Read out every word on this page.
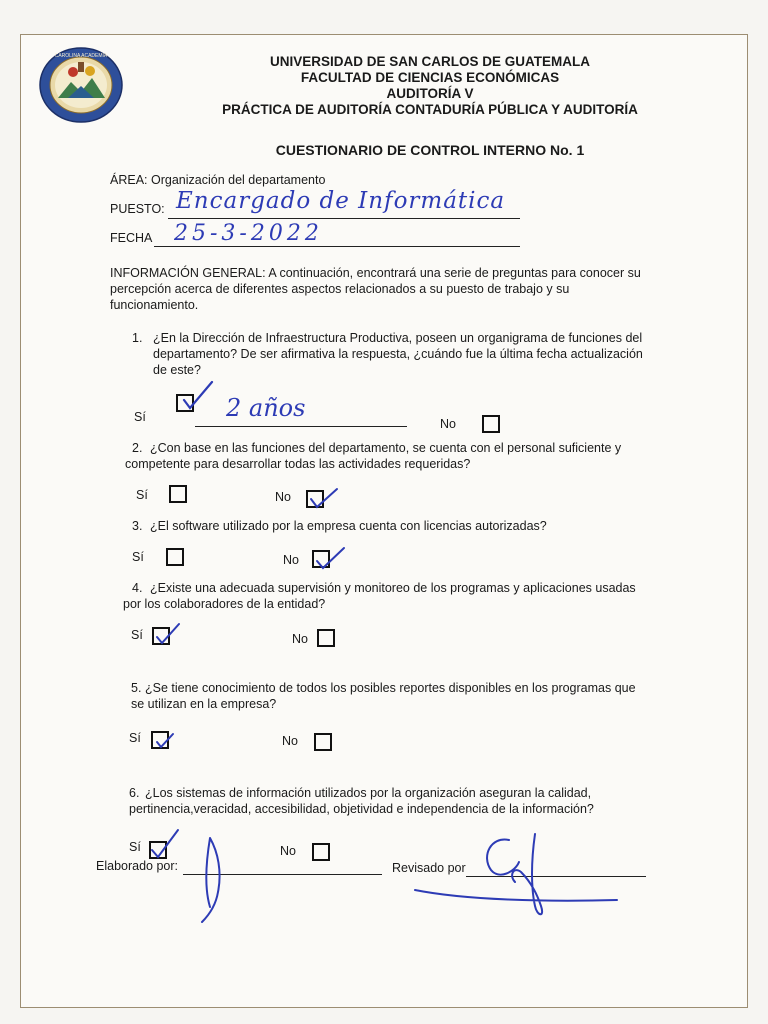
CAROLINA ACADEMIA	UNIVERSIDAD DE SAN CARLOS DE GUATEMALA
FACULTAD DE CIENCIAS ECONÓMICAS
AUDITORÍA V
PRÁCTICA DE AUDITORÍA CONTADURÍA PÚBLICA Y AUDITORÍA
CUESTIONARIO DE CONTROL INTERNO No. 1
ÁREA: Organización del departamento
PUESTO: Encargado de Informática
FECHA 25-3-2022
INFORMACIÓN GENERAL: A continuación, encontrará una serie de preguntas para conocer su percepción acerca de diferentes aspectos relacionados a su puesto de trabajo y su funcionamiento.
1. ¿En la Dirección de Infraestructura Productiva, poseen un organigrama de funciones del
departamento? De ser afirmativa la respuesta, ¿cuándo fue la última fecha actualización
de este?
Sí	2 años
No
2. ¿Con base en las funciones del departamento, se cuenta con el personal suficiente y
competente para desarrollar todas las actividades requeridas?
Sí	No
3. ¿El software utilizado por la empresa cuenta con licencias autorizadas?
Sí	No
4. ¿Existe una adecuada supervisión y monitoreo de los programas y aplicaciones usadas
por los colaboradores de la entidad?
Sí	No
5. ¿Se tiene conocimiento de todos los posibles reportes disponibles en los programas que
se utilizan en la empresa?
Sí	No
6. ¿Los sistemas de información utilizados por la organización aseguran la calidad,
pertinencia,veracidad, accesibilidad, objetividad e independencia de la información?
Sí	No
Elaborado por:	Revisado por
